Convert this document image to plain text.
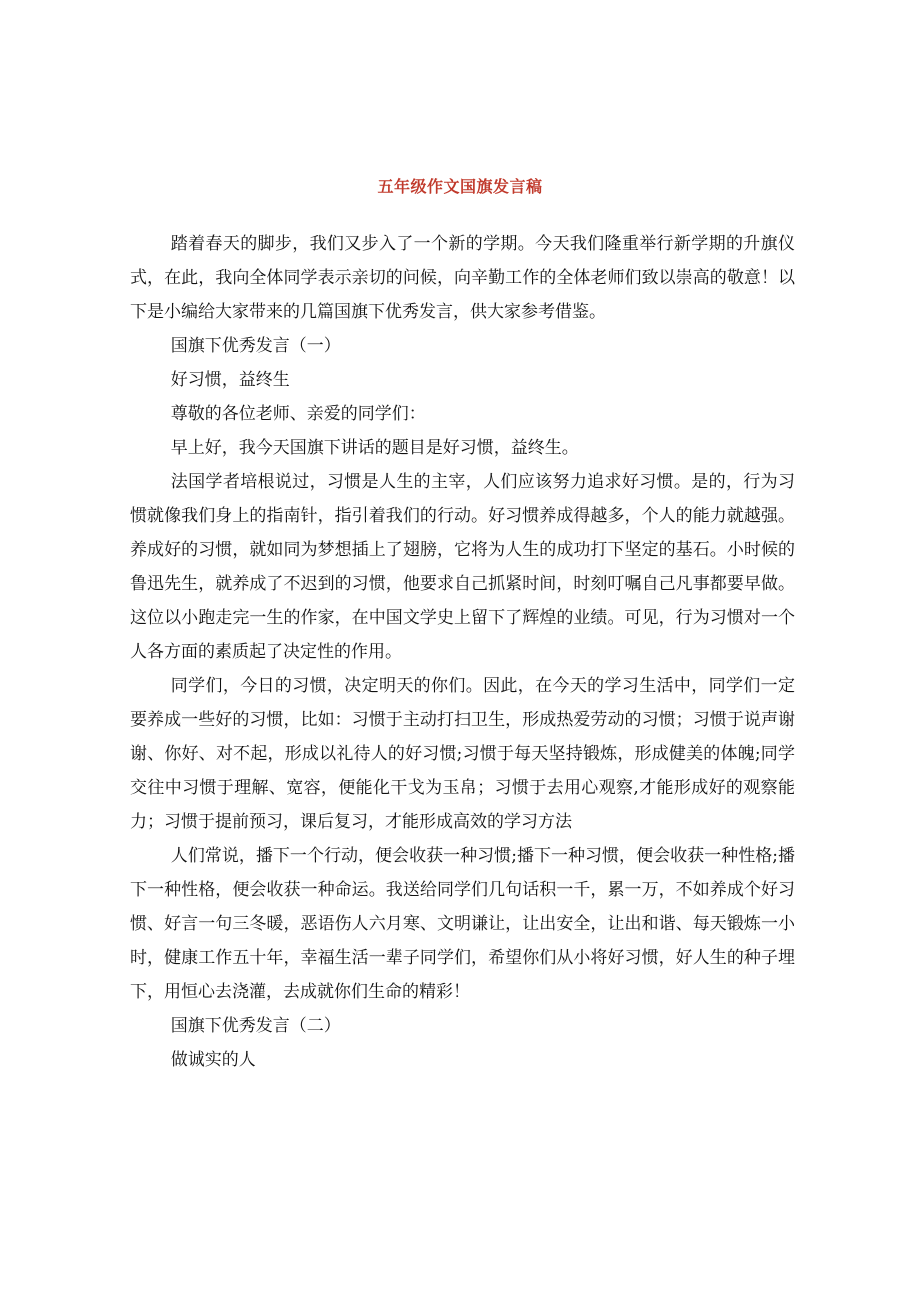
五年级作文国旗发言稿

踏着春天的脚步，我们又步入了一个新的学期。今天我们隆重举行新学期的升旗仪式，在此，我向全体同学表示亲切的问候，向辛勤工作的全体老师们致以崇高的敬意！以下是小编给大家带来的几篇国旗下优秀发言，供大家参考借鉴。

国旗下优秀发言（一）

好习惯，益终生

尊敬的各位老师、亲爱的同学们：

早上好，我今天国旗下讲话的题目是好习惯，益终生。

法国学者培根说过，习惯是人生的主宰，人们应该努力追求好习惯。是的，行为习惯就像我们身上的指南针，指引着我们的行动。好习惯养成得越多，个人的能力就越强。养成好的习惯，就如同为梦想插上了翅膀，它将为人生的成功打下坚定的基石。小时候的鲁迅先生，就养成了不迟到的习惯，他要求自己抓紧时间，时刻叮嘱自己凡事都要早做。这位以小跑走完一生的作家，在中国文学史上留下了辉煌的业绩。可见，行为习惯对一个人各方面的素质起了决定性的作用。

同学们，今日的习惯，决定明天的你们。因此，在今天的学习生活中，同学们一定要养成一些好的习惯，比如：习惯于主动打扫卫生，形成热爱劳动的习惯；习惯于说声谢谢、你好、对不起，形成以礼待人的好习惯;习惯于每天坚持锻炼，形成健美的体魄;同学交往中习惯于理解、宽容，便能化干戈为玉帛；习惯于去用心观察,才能形成好的观察能力；习惯于提前预习，课后复习，才能形成高效的学习方法

人们常说，播下一个行动，便会收获一种习惯;播下一种习惯，便会收获一种性格;播下一种性格，便会收获一种命运。我送给同学们几句话积一千，累一万，不如养成个好习惯、好言一句三冬暖，恶语伤人六月寒、文明谦让，让出安全，让出和谐、每天锻炼一小时，健康工作五十年，幸福生活一辈子同学们，希望你们从小将好习惯，好人生的种子埋下，用恒心去浇灌，去成就你们生命的精彩！

国旗下优秀发言（二）

做诚实的人
